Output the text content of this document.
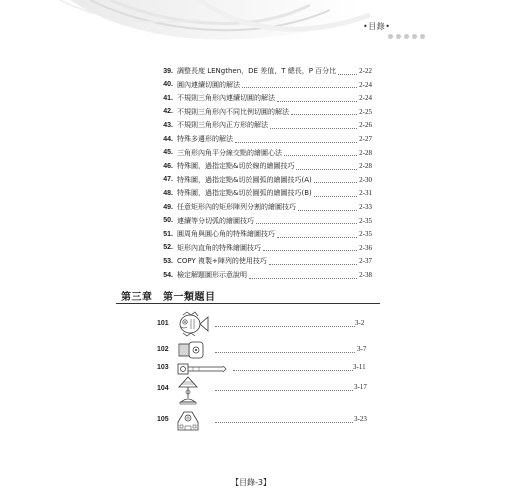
•目錄•
39. 調整長度 LENgthen，DE 差值，T 總長，P 百分比	2-22
40. 圓內連續切圓的解法	2-24
41. 不規則三角形內連續切圓的解法	2-24
42. 不規則三角形內不同比例切圓的解法	2-25
43. 不規則三角形內正方形的解法	2-26
44. 特殊多邊形的解法	2-27
45. 三角形內角平分線交點的繪圖心法	2-28
46. 特殊圖，過指定點&切於線的繪圖技巧	2-28
47. 特殊圖，過指定點&切於圓弧的繪圖技巧(A)	2-30
48. 特殊圖，過指定點&切於圓弧的繪圖技巧(B)	2-31
49. 任意矩形內的矩形陣列分割的繪圖技巧	2-33
50. 連續等分切弧的繪圖技巧	2-35
51. 圓周角與圓心角的特殊繪圖技巧	2-35
52. 矩形內直角的特殊繪圖技巧	2-36
53. COPY 複製+陣列的使用技巧	2-37
54. 檢定解題圖形示意說明	2-38
第三章　第一類題目
101	3-2
102	3-7
103	3-11
104	3-17
105	3-23
【目錄-3】
